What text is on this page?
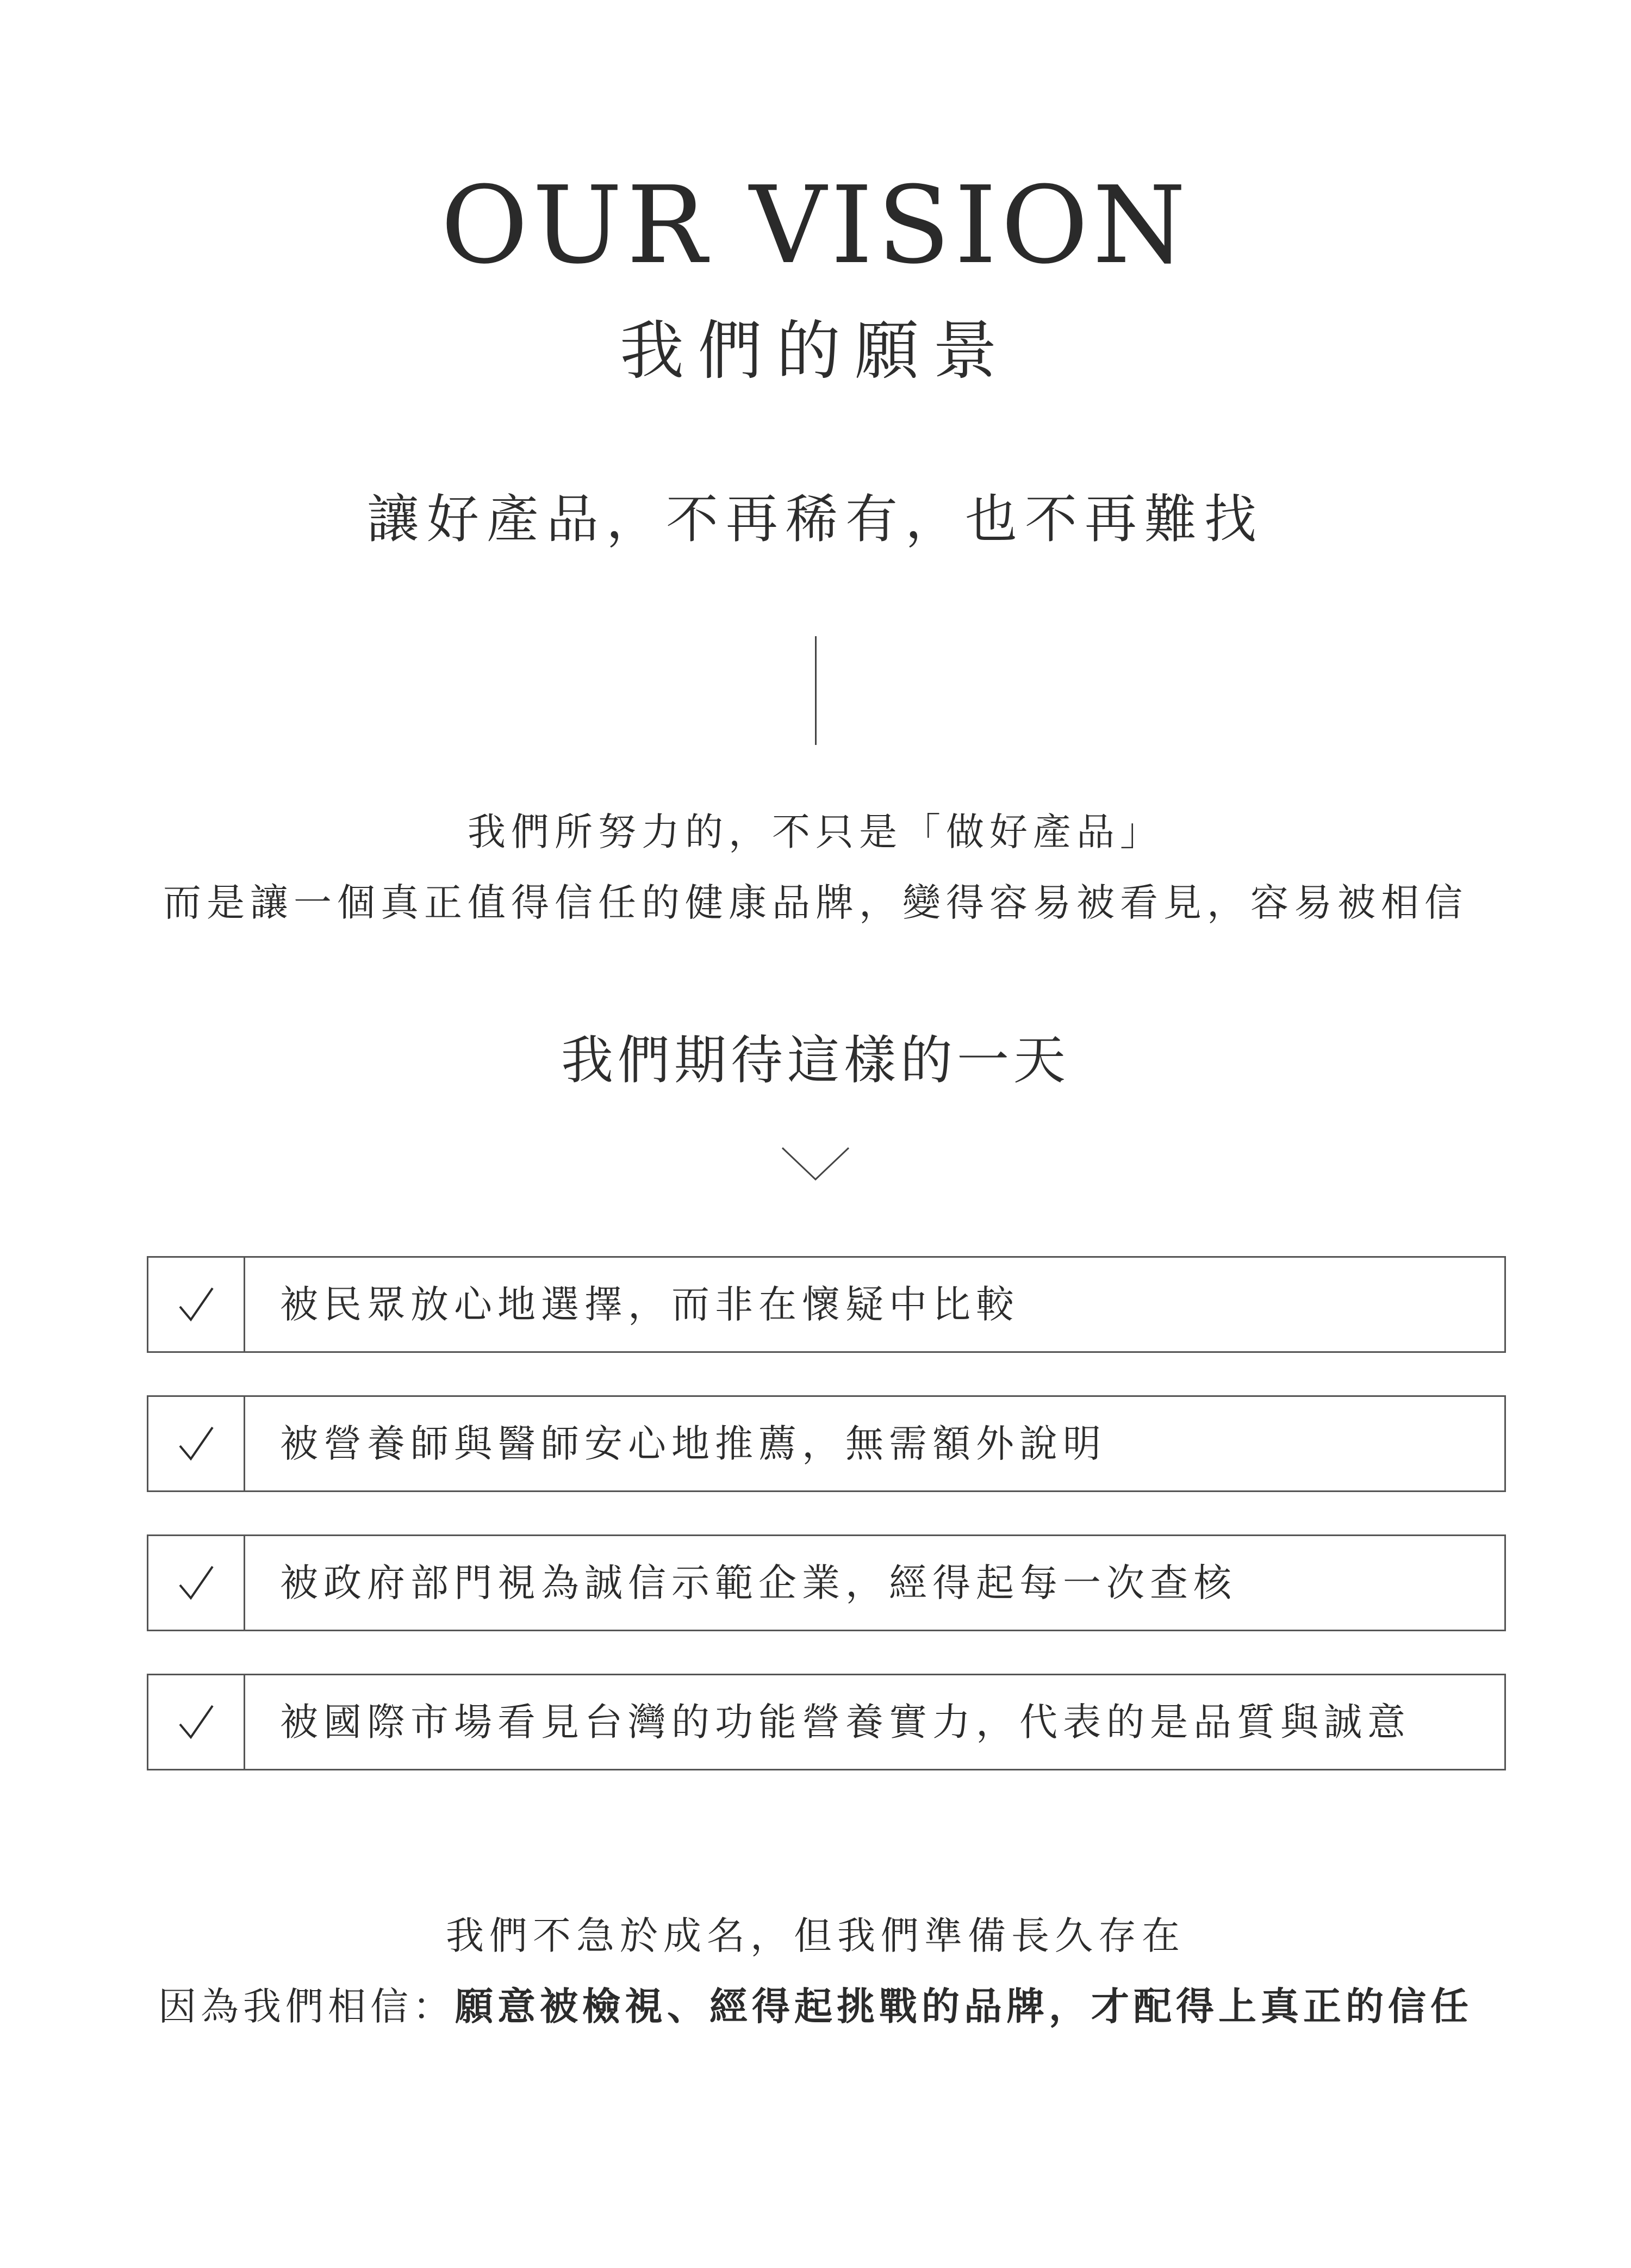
OUR VISION
我們的願景
讓好產品，不再稀有，也不再難找
我們所努力的，不只是「做好產品」
而是讓一個真正值得信任的健康品牌，變得容易被看見，容易被相信
我們期待這樣的一天
被民眾放心地選擇，而非在懷疑中比較
被營養師與醫師安心地推薦，無需額外說明
被政府部門視為誠信示範企業，經得起每一次查核
被國際市場看見台灣的功能營養實力，代表的是品質與誠意
我們不急於成名，但我們準備長久存在
因為我們相信：願意被檢視、經得起挑戰的品牌，才配得上真正的信任
